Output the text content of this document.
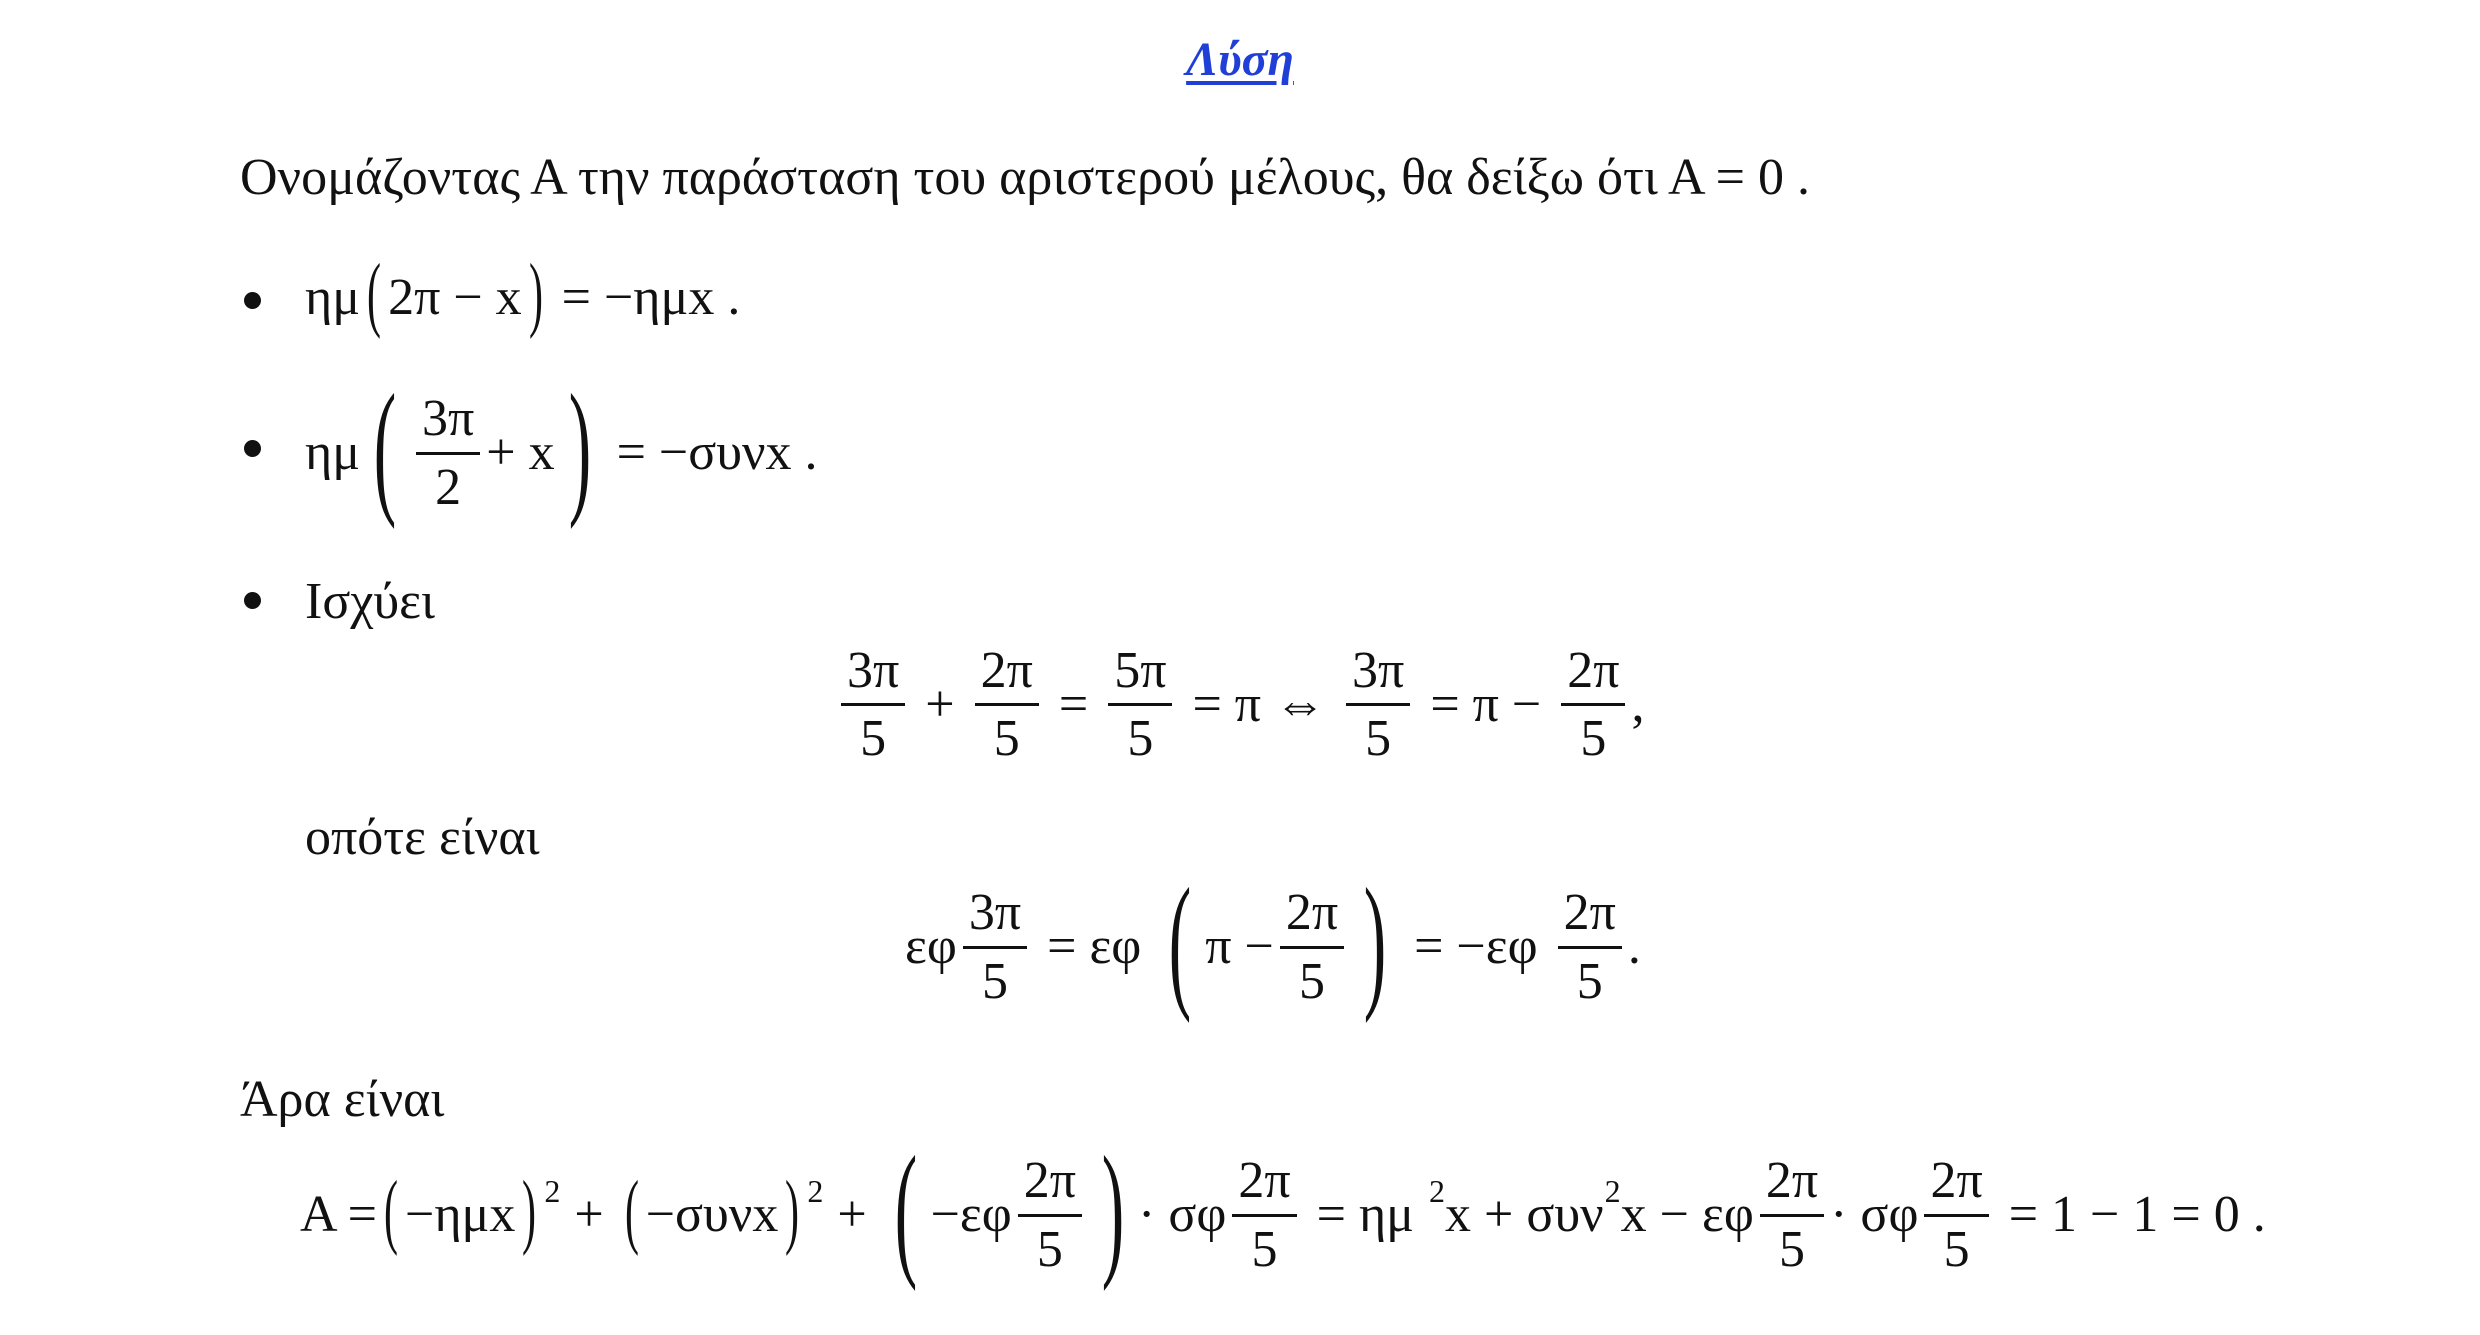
Λύση
Ονομάζοντας Α την παράσταση του αριστερού μέλους, θα δείξω ότι Α = 0 .
ημ ( 2π − x ) = −ημx .
ημ ( $\frac{3\pi}{2} + x$ ) = −συνx .
Ισχύει
$\frac{3\pi}{5} + \frac{2\pi}{5} = \frac{5\pi}{5} = \pi$ ⇔ $\frac{3\pi}{5} = \pi - \frac{2\pi}{5}$ ,
οπότε είναι
εφ $\frac{3\pi}{5} = \varepsilon\varphi$ ( $\pi - \frac{2\pi}{5}$ ) = $-\varepsilon\varphi \frac{2\pi}{5}$ .
Άρα είναι
Α = ( −ημx ) 2 + ( −συνx ) 2 + ( $-\varepsilon\varphi \frac{2\pi}{5}$ ) · σφ $\frac{2\pi}{5} = \eta\mu$ 2 x + συν 2 x − εφ $\frac{2\pi}{5} \cdot \sigma\varphi \frac{2\pi}{5} = 1 - 1 = 0$ .
